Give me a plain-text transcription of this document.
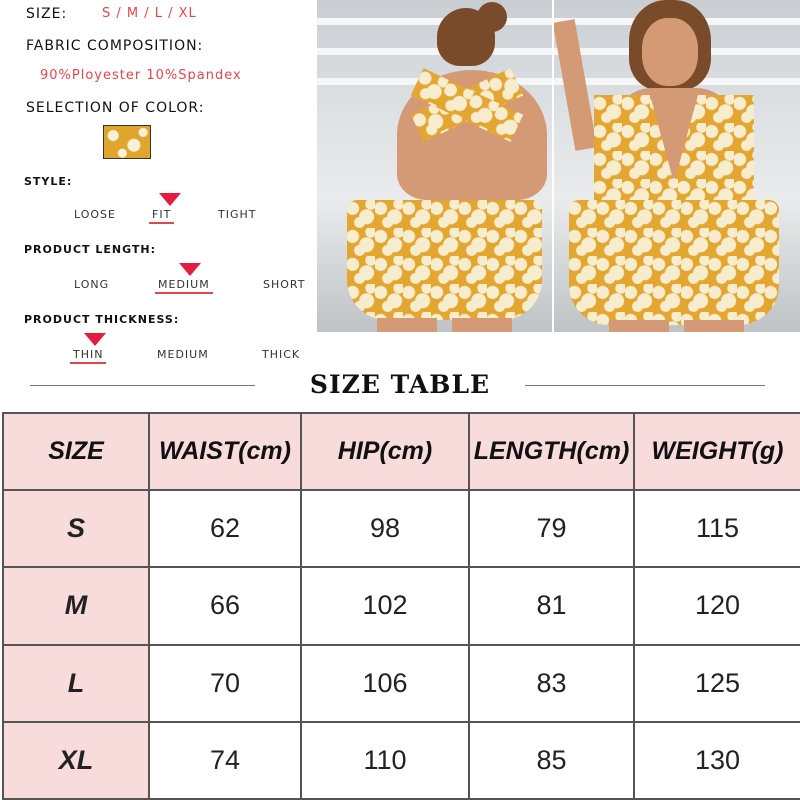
SIZE:	S / M / L / XL
FABRIC COMPOSITION:
90%Ployester 10%Spandex
SELECTION OF COLOR:
STYLE:
LOOSE	FIT	TIGHT
PRODUCT LENGTH:
LONG	MEDIUM	SHORT
PRODUCT THICKNESS:
THIN	MEDIUM	THICK
SIZE TABLE
SIZE	WAIST(cm)	HIP(cm)	LENGTH(cm)	WEIGHT(g)
S	62	98	79	115
M	66	102	81	120
L	70	106	83	125
XL	74	110	85	130
